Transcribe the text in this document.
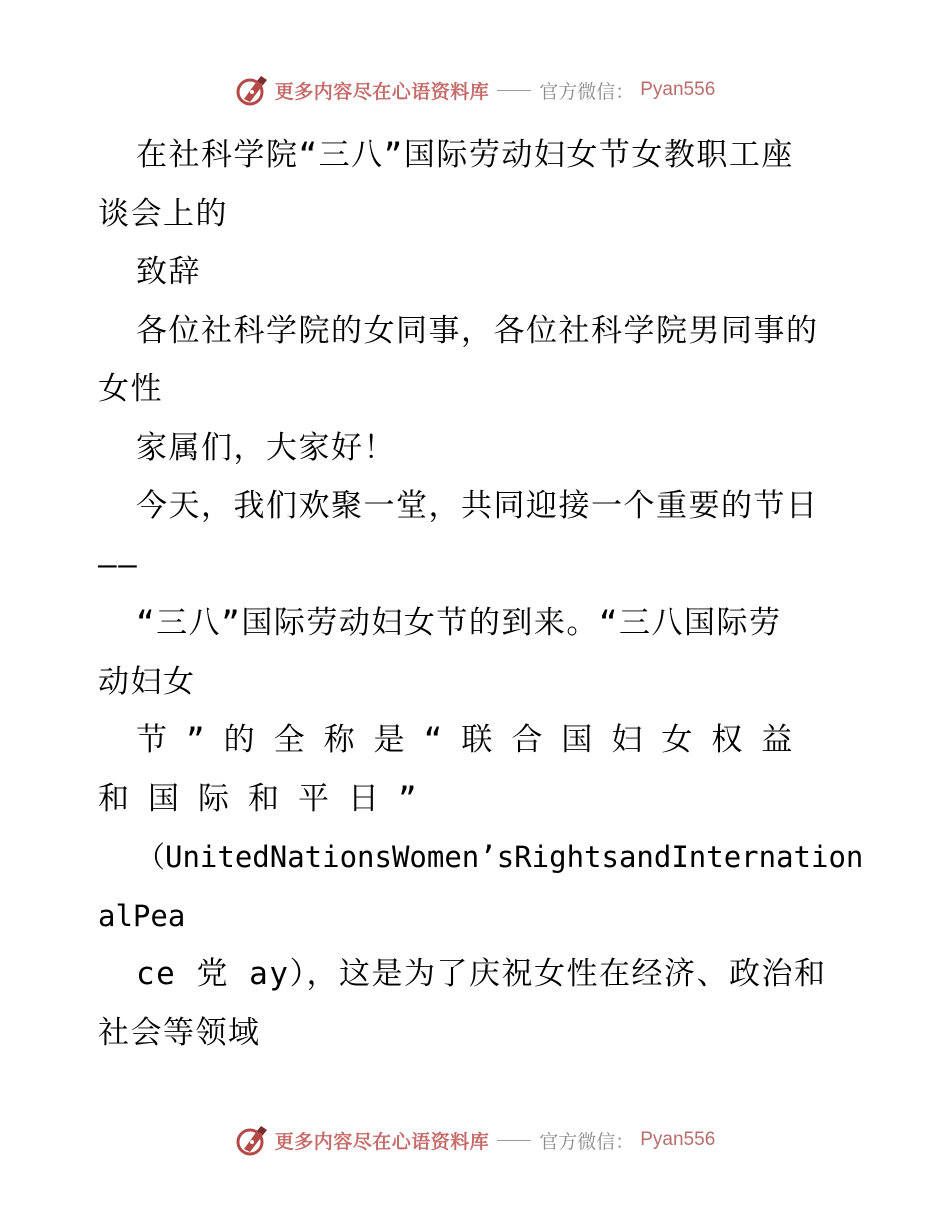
更多内容尽在心语资料库	官方微信： Pyan556
在社科学院“三八”国际劳动妇女节女教职工座
谈会上的
致辞
各位社科学院的女同事，各位社科学院男同事的
女性
家属们，大家好！
今天，我们欢聚一堂，共同迎接一个重要的节日
——
“三八”国际劳动妇女节的到来。“三八国际劳
动妇女
节”的全称是“联合国妇女权益
和国际和平日”
（UnitedNationsWomen’sRightsandInternation
alPea
ce 党 ay），这是为了庆祝女性在经济、政治和
社会等领域
更多内容尽在心语资料库	官方微信： Pyan556
